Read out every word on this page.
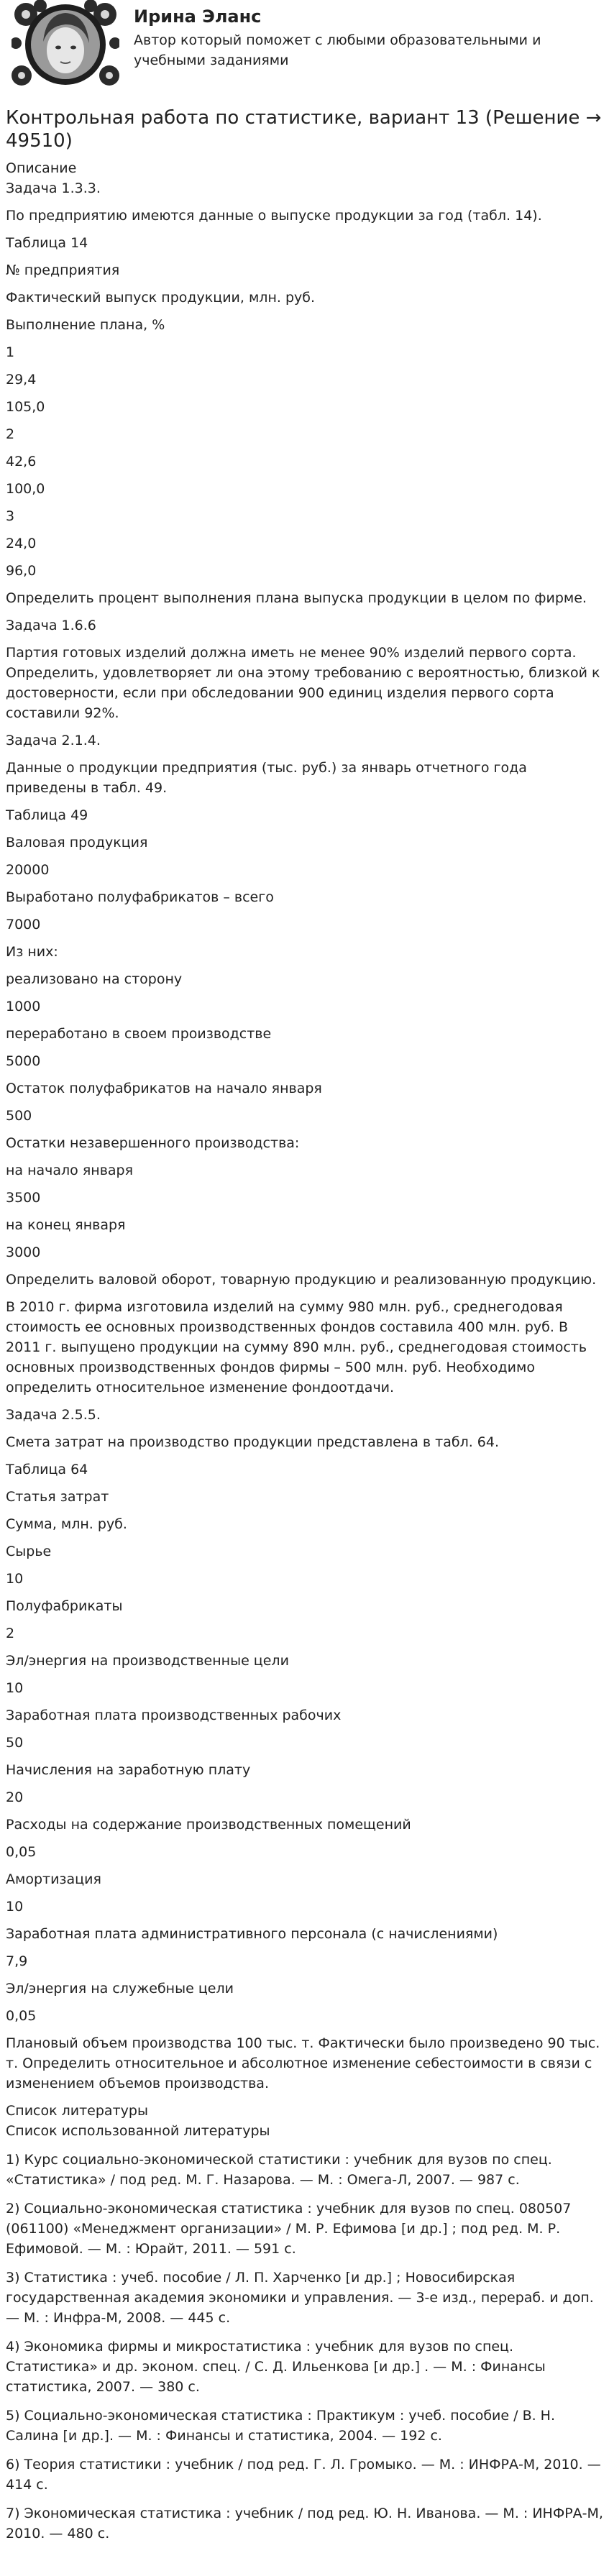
Ирина Эланс
Автор который поможет с любыми образовательными и учебными заданиями
Контрольная работа по статистике, вариант 13 (Решение → 49510)
Описание

Задача 1.3.3.

По предприятию имеются данные о выпуске продукции за год (табл. 14).

Таблица 14

№ предприятия

Фактический выпуск продукции, млн. руб.

Выполнение плана, %

1

29,4

105,0

2

42,6

100,0

3

24,0

96,0

Определить процент выполнения плана выпуска продукции в целом по фирме.

Задача 1.6.6

Партия готовых изделий должна иметь не менее 90% изделий первого сорта. Определить, удовлетворяет ли она этому требованию с вероятностью, близкой к достоверности, если при обследовании 900 единиц изделия первого сорта составили 92%.

Задача 2.1.4.

Данные о продукции предприятия (тыс. руб.) за январь отчетного года приведены в табл. 49.

Таблица 49

Валовая продукция

20000

Выработано полуфабрикатов – всего

7000

Из них:

реализовано на сторону

1000

переработано в своем производстве

5000

Остаток полуфабрикатов на начало января

500

Остатки незавершенного производства:

на начало января

3500

на конец января

3000

Определить валовой оборот, товарную продукцию и реализованную продукцию.

В 2010 г. фирма изготовила изделий на сумму 980 млн. руб., среднегодовая стоимость ее основных производственных фондов составила 400 млн. руб. В 2011 г. выпущено продукции на сумму 890 млн. руб., среднегодовая стоимость основных производственных фондов фирмы – 500 млн. руб. Необходимо определить относительное изменение фондоотдачи.

Задача 2.5.5.

Смета затрат на производство продукции представлена в табл. 64.

Таблица 64

Статья затрат

Сумма, млн. руб.

Сырье

10

Полуфабрикаты

2

Эл/энергия на производственные цели

10

Заработная плата производственных рабочих

50

Начисления на заработную плату

20

Расходы на содержание производственных помещений

0,05

Амортизация

10

Заработная плата административного персонала (с начислениями)

7,9

Эл/энергия на служебные цели

0,05

Плановый объем производства 100 тыс. т. Фактически было произведено 90 тыс. т. Определить относительное и абсолютное изменение себестоимости в связи с изменением объемов производства.

Список литературы
Список использованной литературы

1) Курс социально-экономической статистики : учебник для вузов по спец. «Статистика» / под ред. М. Г. Назарова. — М. : Омега-Л, 2007. — 987 с.

2) Социально-экономическая статистика : учебник для вузов по спец. 080507 (061100) «Менеджмент организации» / М. Р. Ефимова [и др.] ; под ред. М. Р. Ефимовой. — М. : Юрайт, 2011. — 591 с.

3) Статистика : учеб. пособие / Л. П. Харченко [и др.] ; Новосибирская государственная академия экономики и управления. — 3-е изд., перераб. и доп. — М. : Инфра-М, 2008. — 445 с.

4) Экономика фирмы и микростатистика : учебник для вузов по спец. Статистика» и др. эконом. спец. / С. Д. Ильенкова [и др.] . — М. : Финансы статистика, 2007. — 380 с.

5) Социально-экономическая статистика : Практикум : учеб. пособие / В. Н. Салина [и др.]. — М. : Финансы и статистика, 2004. — 192 с.

6) Теория статистики : учебник / под ред. Г. Л. Громыко. — М. : ИНФРА-М, 2010. — 414 с.

7) Экономическая статистика : учебник / под ред. Ю. Н. Иванова. — М. : ИНФРА-М, 2010. — 480 с.
